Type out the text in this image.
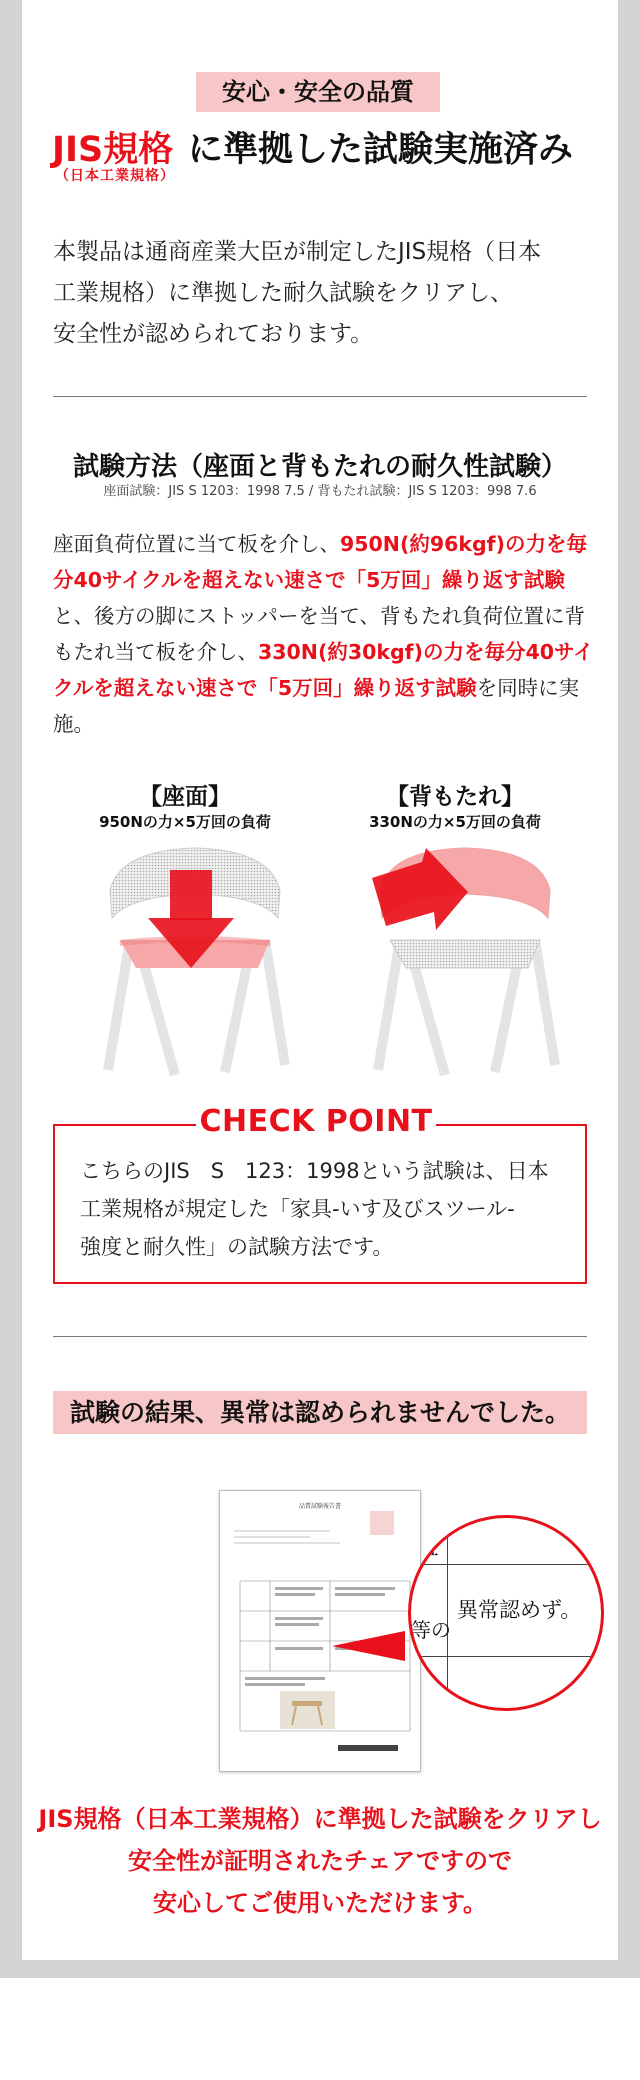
安心・安全の品質
JIS規格 に準拠した試験実施済み
（日本工業規格）
本製品は通商産業大臣が制定したJIS規格（日本
工業規格）に準拠した耐久試験をクリアし、
安全性が認められております。
試験方法（座面と背もたれの耐久性試験）
座面試験：JIS S 1203：1998 7.5 / 背もたれ試験：JIS S 1203：998 7.6
座面負荷位置に当て板を介し、950N(約96kgf)の力を毎分40サイクルを超えない速さで「5万回」繰り返す試験と、後方の脚にストッパーを当て、背もたれ負荷位置に背もたれ当て板を介し、330N(約30kgf)の力を毎分40サイクルを超えない速さで「5万回」繰り返す試験を同時に実施。
【座面】
950Nの力×5万回の負荷
【背もたれ】
330Nの力×5万回の負荷
CHECK POINT
こちらのJIS　S　123：1998という試験は、日本
工業規格が規定した「家具-いす及びスツール-
強度と耐久性」の試験方法です。
試験の結果、異常は認められませんでした。
品質試験報告書
査
等の
異常認めず。
JIS規格（日本工業規格）に準拠した試験をクリアし
安全性が証明されたチェアですので
安心してご使用いただけます。
